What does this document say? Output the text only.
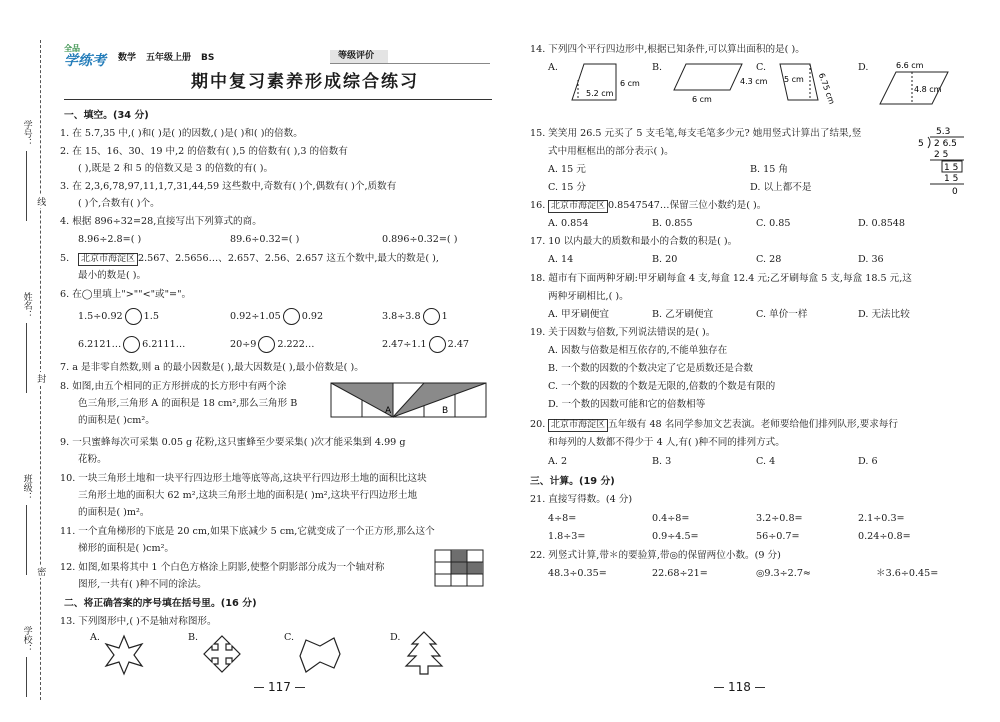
学号：
姓名：
班级：
学校：
线
封
密
全品
学练考	数学 五年级上册 BS	等级评价
期中复习素养形成综合练习
一、填空。(34 分)
1. 在 5.7,35 中,( )和( )是( )的因数,( )是( )和( )的倍数。
2. 在 15、16、30、19 中,2 的倍数有( ),5 的倍数有( ),3 的倍数有
( ),既是 2 和 5 的倍数又是 3 的倍数的有( )。
3. 在 2,3,6,78,97,11,1,7,31,44,59 这些数中,奇数有( )个,偶数有( )个,质数有
( )个,合数有( )个。
4. 根据 896÷32=28,直接写出下列算式的商。
8.96÷2.8=( )	89.6÷0.32=( )	0.896÷0.32=( )
5. 北京市海淀区 2.567、2.5656…、2.657、2.56、2.657 这五个数中,最大的数是( ),
最小的数是( )。
6. 在◯里填上">""<"或"="。
1.5÷0.92 1.5	0.92÷1.05 0.92	3.8÷3.8 1
6.2121… 6.2111…	20÷9 2.222…	2.47÷1.1 2.47
7. a 是非零自然数,则 a 的最小因数是( ),最大因数是( ),最小倍数是( )。
8. 如图,由五个相同的正方形拼成的长方形中有两个涂
色三角形,三角形 A 的面积是 18 cm²,那么三角形 B
的面积是( )cm²。
A	B
9. 一只蜜蜂每次可采集 0.05 g 花粉,这只蜜蜂至少要采集( )次才能采集到 4.99 g
花粉。
10. 一块三角形土地和一块平行四边形土地等底等高,这块平行四边形土地的面积比这块
三角形土地的面积大 62 m²,这块三角形土地的面积是( )m²,这块平行四边形土地
的面积是( )m²。
11. 一个直角梯形的下底是 20 cm,如果下底减少 5 cm,它就变成了一个正方形,那么这个
梯形的面积是( )cm²。
12. 如图,如果将其中 1 个白色方格涂上阴影,使整个阴影部分成为一个轴对称
图形,一共有( )种不同的涂法。
二、将正确答案的序号填在括号里。(16 分)
13. 下列图形中,( )不是轴对称图形。
A.	B.	C.	D.
117
14. 下列四个平行四边形中,根据已知条件,可以算出面积的是( )。
A.
5.2 cm
6 cm
B.
6 cm
4.3 cm
C.
5 cm 6.75 cm
D.	6.6 cm
4.8 cm
15. 笑笑用 26.5 元买了 5 支毛笔,每支毛笔多少元? 她用竖式计算出了结果,竖
式中用框框出的部分表示( )。
A. 15 元	B. 15 角
C. 15 分	D. 以上都不是
5.3
5 2 6.5
2 5
1 5
1 5
0
16. 北京市海淀区 0.8547547…保留三位小数约是( )。
A. 0.854	B. 0.855	C. 0.85	D. 0.8548
17. 10 以内最大的质数和最小的合数的积是( )。
A. 14	B. 20	C. 28	D. 36
18. 超市有下面两种牙刷:甲牙刷每盒 4 支,每盒 12.4 元;乙牙刷每盒 5 支,每盒 18.5 元,这
两种牙刷相比,( )。
A. 甲牙刷便宜	B. 乙牙刷便宜	C. 单价一样	D. 无法比较
19. 关于因数与倍数,下列说法错误的是( )。
A. 因数与倍数是相互依存的,不能单独存在
B. 一个数的因数的个数决定了它是质数还是合数
C. 一个数的因数的个数是无限的,倍数的个数是有限的
D. 一个数的因数可能和它的倍数相等
20. 北京市海淀区 五年级有 48 名同学参加文艺表演。老师要给他们排列队形,要求每行
和每列的人数都不得少于 4 人,有( )种不同的排列方式。
A. 2	B. 3	C. 4	D. 6
三、计算。(19 分)
21. 直接写得数。(4 分)
4÷8=	0.4÷8=	3.2÷0.8=	2.1÷0.3=
1.8÷3=	0.9÷4.5=	56÷0.7=	0.24÷0.8=
22. 列竖式计算,带＊的要验算,带◎的保留两位小数。(9 分)
48.3÷0.35=	22.68÷21=	◎9.3÷2.7≈	＊3.6÷0.45=
118
